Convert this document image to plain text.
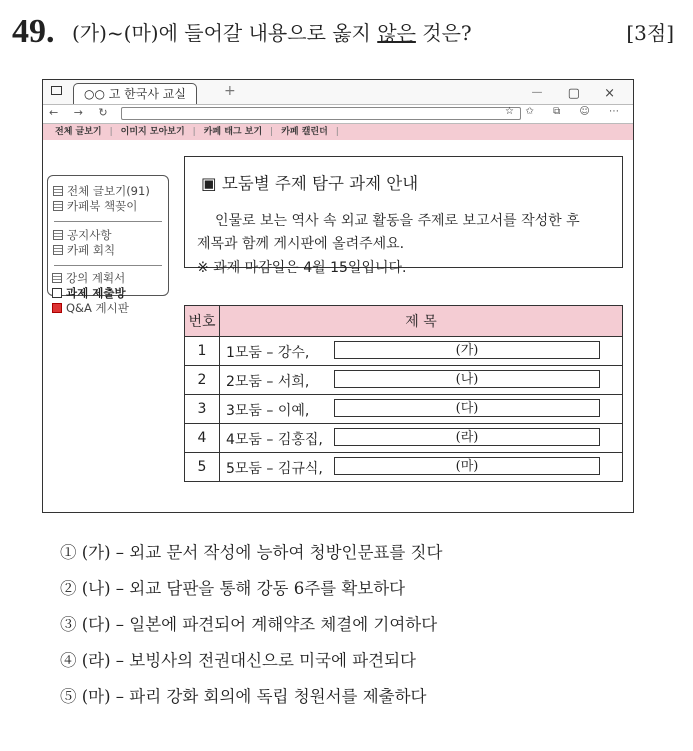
49. (가)~(마)에 들어갈 내용으로 옳지 않은 것은?	[3점]
○○ 고 한국사 교실	+	－ ▢ ×
← → ↻	☆ ✩ ⧉ ☺ ⋯
전체 글보기 | 이미지 모아보기 | 카페 태그 보기 | 카페 캘린더 |
전체 글보기(91)
카페북 책꽂이
공지사항
카페 회칙
강의 계획서
과제 제출방
Q&A 게시판
▣ 모둠별 주제 탐구 과제 안내
인물로 보는 역사 속 외교 활동을 주제로 보고서를 작성한 후
제목과 함께 게시판에 올려주세요.
※ 과제 마감일은 4월 15일입니다.
번호	제 목
1	1모둠 – 강수, (가)

2	2모둠 – 서희, (나)

3	3모둠 – 이예, (다)

4	4모둠 – 김홍집, (라)

5	5모둠 – 김규식, (마)
① (가) – 외교 문서 작성에 능하여 청방인문표를 짓다
② (나) – 외교 담판을 통해 강동 6주를 확보하다
③ (다) – 일본에 파견되어 계해약조 체결에 기여하다
④ (라) – 보빙사의 전권대신으로 미국에 파견되다
⑤ (마) – 파리 강화 회의에 독립 청원서를 제출하다
